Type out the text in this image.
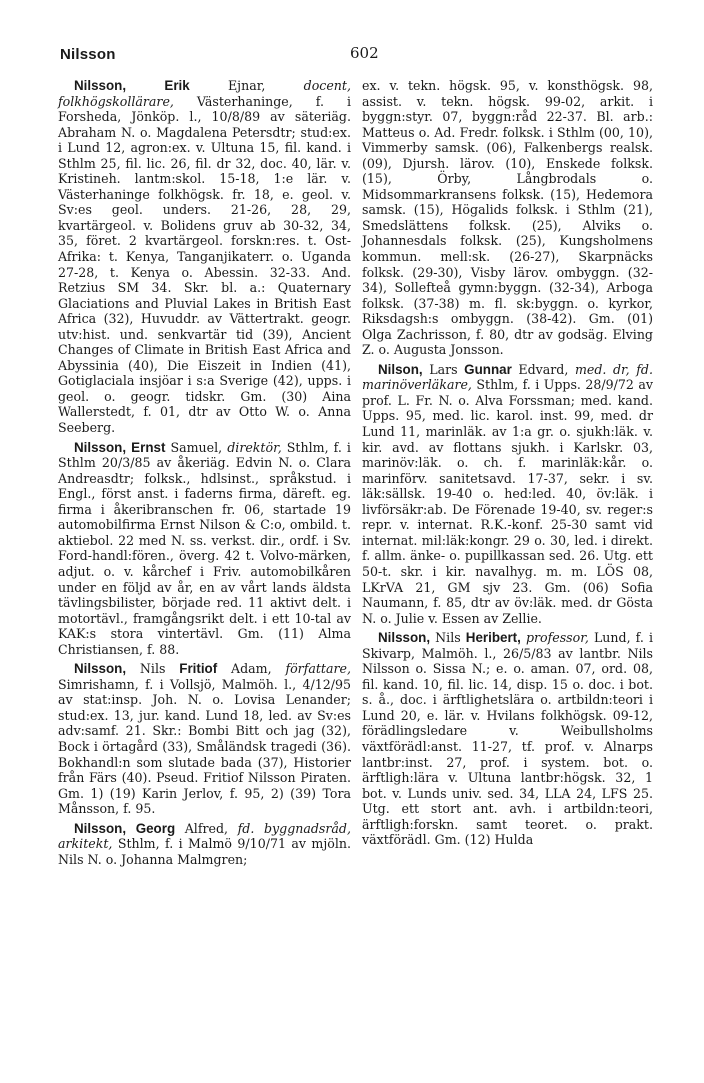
Nilsson	602

Nilsson,	Erik Ejnar,	docent, folkhögskollärare, Västerhaninge, f. i Forsheda, Jönköp. l., 10/8/89 av säteriäg. Abraham N. o. Magdalena Petersdtr; stud:ex. i Lund 12, agron:ex. v. Ultuna 15, fil. kand. i Sthlm 25, fil. lic. 26, fil. dr 32, doc. 40, lär. v. Kristineh. lantm:skol. 15-18, 1:e lär. v. Västerhaninge folkhögsk. fr. 18, e. geol. v. Sv:es geol. unders. 21-26, 28, 29, kvartärgeol. v. Bolidens gruv ab 30-32, 34, 35, föret. 2 kvartärgeol. forskn:res. t. Ost-Afrika: t. Kenya, Tanganjikaterr. o. Uganda 27-28, t. Kenya o. Abessin. 32-33. And. Retzius SM 34. Skr. bl. a.: Quaternary Glaciations and Pluvial Lakes in British East Africa (32), Huvuddr. av Vättertrakt. geogr. utv:hist. und. senkvartär tid (39), Ancient Changes of Climate in British East Africa and Abyssinia (40), Die Eiszeit in Indien (41), Gotiglaciala insjöar i s:a Sverige (42), upps. i geol. o. geogr. tidskr. Gm. (30) Aina Wallerstedt, f. 01, dtr av Otto W. o. Anna Seeberg.

Nilsson, Ernst Samuel, direktör, Sthlm, f. i Sthlm 20/3/85 av åkeriäg. Edvin N. o. Clara Andreasdtr; folksk., hdlsinst., språkstud. i Engl., först anst. i faderns firma, däreft. eg. firma i åkeribranschen fr. 06, startade 19 automobilfirma Ernst Nilson & C:o, ombild. t. aktiebol. 22 med N. ss. verkst. dir., ordf. i Sv. Ford-handl:fören., överg. 42 t. Volvo-märken, adjut. o. v. kårchef i Friv. automobilkåren under en följd av år, en av vårt lands äldsta tävlingsbilister, började red. 11 aktivt delt. i motortävl., framgångsrikt delt. i ett 10-tal av KAK:s stora vintertävl. Gm. (11) Alma Christiansen, f. 88.

Nilsson, Nils Fritiof Adam, författare, Simrishamn, f. i Vollsjö, Malmöh. l., 4/12/95 av stat:insp. Joh. N. o. Lovisa Lenander; stud:ex. 13, jur. kand. Lund 18, led. av Sv:es adv:samf. 21. Skr.: Bombi Bitt och jag (32), Bock i örtagård (33), Småländsk tragedi (36). Bokhandl:n som slutade bada (37), Historier från Färs (40). Pseud. Fritiof Nilsson Piraten. Gm. 1) (19) Karin Jerlov, f. 95, 2) (39) Tora Månsson, f. 95.

Nilsson, Georg Alfred, fd. byggnadsråd, arkitekt, Sthlm, f. i Malmö 9/10/71 av mjöln. Nils N. o. Johanna Malmgren;

ex. v. tekn. högsk. 95, v. konsthögsk. 98, assist. v. tekn. högsk. 99-02, arkit. i byggn:styr. 07, byggn:råd 22-37. Bl. arb.: Matteus o. Ad. Fredr. folksk. i Sthlm (00, 10), Vimmerby samsk. (06), Falkenbergs realsk. (09), Djursh. lärov. (10), Enskede folksk. (15), Örby, Långbrodals o. Midsommarkransens folksk. (15), Hedemora samsk. (15), Högalids folksk. i Sthlm (21), Smedslättens folksk. (25), Alviks o. Johannesdals folksk. (25), Kungsholmens kommun. mell:sk. (26-27), Skarpnäcks folksk. (29-30), Visby lärov. ombyggn. (32-34), Sollefteå gymn:byggn. (32-34), Arboga folksk. (37-38) m. fl. sk:byggn. o. kyrkor, Riksdagsh:s ombyggn. (38-42). Gm. (01) Olga Zachrisson, f. 80, dtr av godsäg. Elving Z. o. Augusta Jonsson.

Nilson, Lars Gunnar Edvard, med. dr, fd. marinöverläkare, Sthlm, f. i Upps. 28/9/72 av prof. L. Fr. N. o. Alva Forssman; med. kand. Upps. 95, med. lic. karol. inst. 99, med. dr Lund 11, marinläk. av 1:a gr. o. sjukh:läk. v. kir. avd. av flottans sjukh. i Karlskr. 03, marinöv:läk. o. ch. f. marinläk:kår. o. marinförv. sanitetsavd. 17-37, sekr. i sv. läk:sällsk. 19-40 o. hed:led. 40, öv:läk. i livförsäkr:ab. De Förenade 19-40, sv. reger:s repr. v. internat. R.K.-konf. 25-30 samt vid internat. mil:läk:kongr. 29 o. 30, led. i direkt. f. allm. änke- o. pupillkassan sed. 26. Utg. ett 50-t. skr. i kir. navalhyg. m. m. LÖS 08, LKrVA 21, GM sjv 23. Gm. (06) Sofia Naumann, f. 85, dtr av öv:läk. med. dr Gösta N. o. Julie v. Essen av Zellie.

Nilsson, Nils Heribert, professor, Lund, f. i Skivarp, Malmöh. l., 26/5/83 av lantbr. Nils Nilsson o. Sissa N.; e. o. aman. 07, ord. 08, fil. kand. 10, fil. lic. 14, disp. 15 o. doc. i bot. s. å., doc. i ärftlighetslära o. artbildn:teori i Lund 20, e. lär. v. Hvilans folkhögsk. 09-12, förädlingsledare v. Weibullsholms växtförädl:anst. 11-27, tf. prof. v. Alnarps lantbr:inst. 27, prof. i system. bot. o. ärftligh:lära v. Ultuna lantbr:högsk. 32, 1 bot. v. Lunds univ. sed. 34, LLA 24, LFS 25. Utg. ett stort ant. avh. i artbildn:teori, ärftligh:forskn. samt teoret. o. prakt. växtförädl. Gm. (12) Hulda
